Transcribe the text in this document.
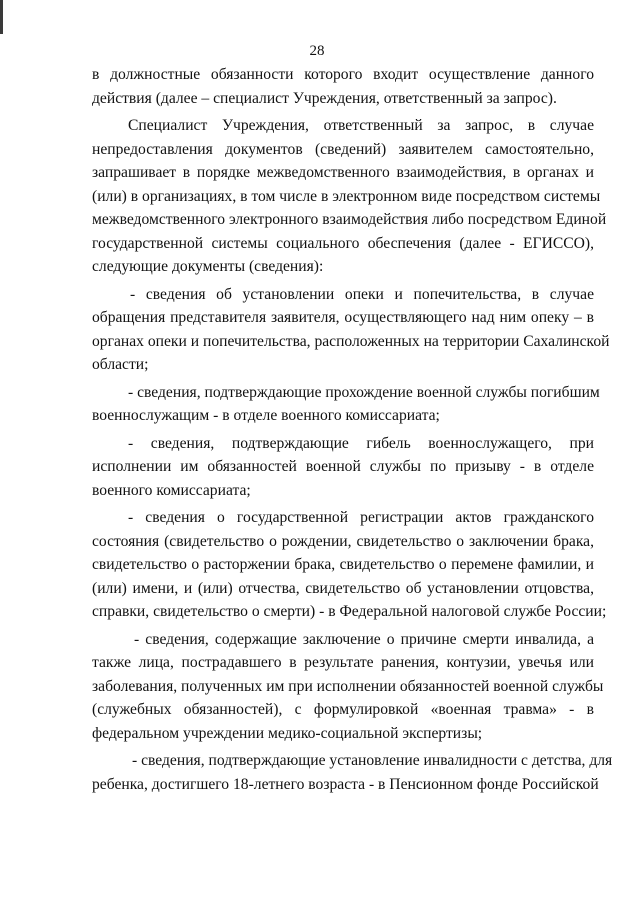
28
в должностные обязанности которого входит осуществление данного
действия (далее – специалист Учреждения, ответственный за запрос).
Специалист Учреждения, ответственный за запрос, в случае
непредоставления документов (сведений) заявителем самостоятельно,
запрашивает в порядке межведомственного взаимодействия, в органах и
(или) в организациях, в том числе в электронном виде посредством системы
межведомственного электронного взаимодействия либо посредством Единой
государственной системы социального обеспечения (далее - ЕГИССО),
следующие документы (сведения):
- сведения об установлении опеки и попечительства, в случае
обращения представителя заявителя, осуществляющего над ним опеку – в
органах опеки и попечительства, расположенных на территории Сахалинской
области;
- сведения, подтверждающие прохождение военной службы погибшим
военнослужащим - в отделе военного комиссариата;
- сведения, подтверждающие гибель военнослужащего, при
исполнении им обязанностей военной службы по призыву - в отделе
военного комиссариата;
- сведения о государственной регистрации актов гражданского
состояния (свидетельство о рождении, свидетельство о заключении брака,
свидетельство о расторжении брака, свидетельство о перемене фамилии, и
(или) имени, и (или) отчества, свидетельство об установлении отцовства,
справки, свидетельство о смерти) - в Федеральной налоговой службе России;
- сведения, содержащие заключение о причине смерти инвалида, а
также лица, пострадавшего в результате ранения, контузии, увечья или
заболевания, полученных им при исполнении обязанностей военной службы
(служебных обязанностей), с формулировкой «военная травма» - в
федеральном учреждении медико-социальной экспертизы;
- сведения, подтверждающие установление инвалидности с детства, для
ребенка, достигшего 18-летнего возраста - в Пенсионном фонде Российской
